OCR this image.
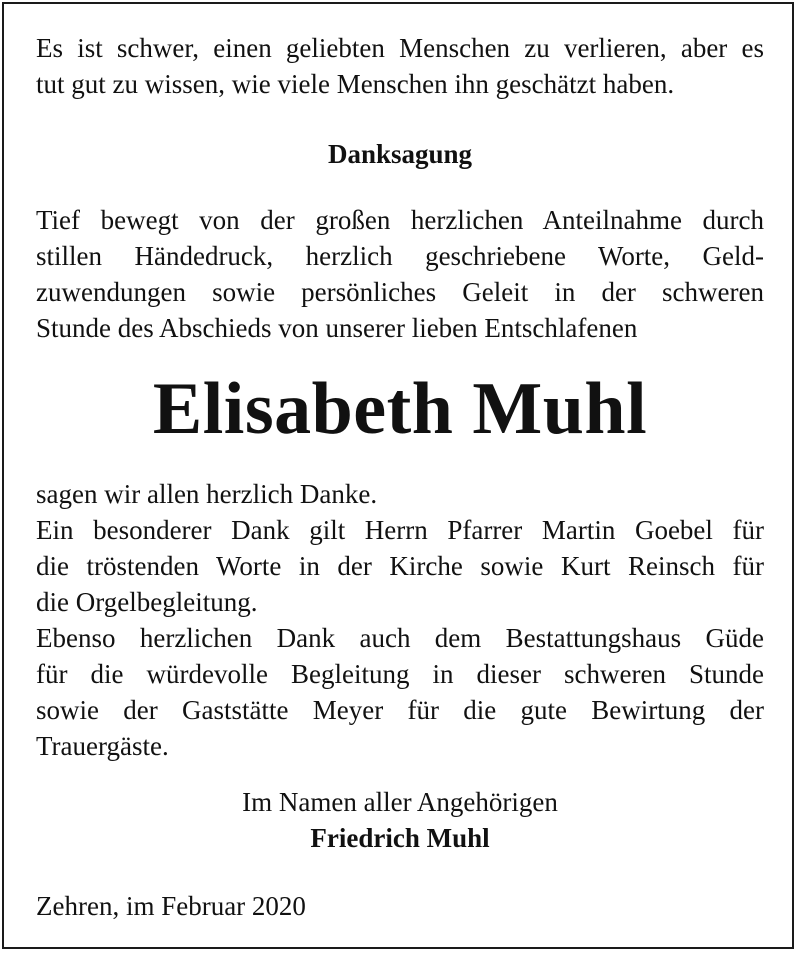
Es ist schwer, einen geliebten Menschen zu verlieren, aber es
tut gut zu wissen, wie viele Menschen ihn geschätzt haben.

Danksagung

Tief bewegt von der großen herzlichen Anteilnahme durch
stillen Händedruck, herzlich geschriebene Worte, Geld-
zuwendungen sowie persönliches Geleit in der schweren
Stunde des Abschieds von unserer lieben Entschlafenen

Elisabeth Muhl

sagen wir allen herzlich Danke.
Ein besonderer Dank gilt Herrn Pfarrer Martin Goebel für
die tröstenden Worte in der Kirche sowie Kurt Reinsch für
die Orgelbegleitung.
Ebenso herzlichen Dank auch dem Bestattungshaus Güde
für die würdevolle Begleitung in dieser schweren Stunde
sowie der Gaststätte Meyer für die gute Bewirtung der
Trauergäste.

Im Namen aller Angehörigen
Friedrich Muhl
Zehren, im Februar 2020
